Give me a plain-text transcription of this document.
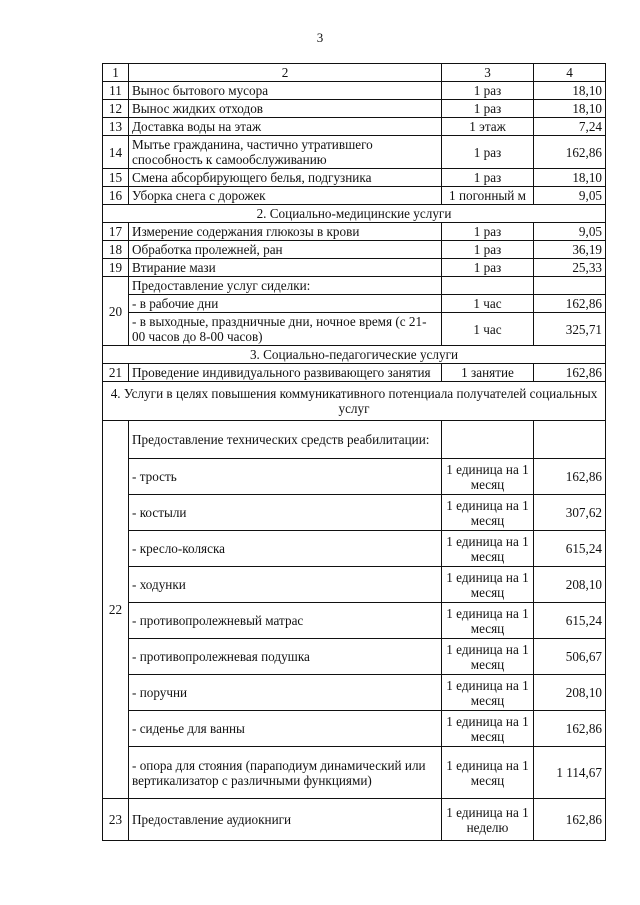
3
1	2	3	4
11	Вынос бытового мусора	1 раз	18,10
12	Вынос жидких отходов	1 раз	18,10
13	Доставка воды на этаж	1 этаж	7,24
14	Мытье гражданина, частично утратившего способность к самообслуживанию	1 раз	162,86
15	Смена абсорбирующего белья, подгузника	1 раз	18,10
16	Уборка снега с дорожек	1 погонный м	9,05
2. Социально-медицинские услуги			
17	Измерение содержания глюкозы в крови	1 раз	9,05
18	Обработка пролежней, ран	1 раз	36,19
19	Втирание мази	1 раз	25,33
20	Предоставление услуг сиделки:		
	- в рабочие дни	1 час	162,86
	- в выходные, праздничные дни, ночное время (с 21-00 часов до 8-00 часов)	1 час	325,71
3. Социально-педагогические услуги			
21	Проведение индивидуального развивающего занятия	1 занятие	162,86
4. Услуги в целях повышения коммуникативного потенциала получателей социальных услуг			
22	Предоставление технических средств реабилитации:		
	- трость	1 единица на 1 месяц	162,86
	- костыли	1 единица на 1 месяц	307,62
	- кресло-коляска	1 единица на 1 месяц	615,24
	- ходунки	1 единица на 1 месяц	208,10
	- противопролежневый матрас	1 единица на 1 месяц	615,24
	- противопролежневая подушка	1 единица на 1 месяц	506,67
	- поручни	1 единица на 1 месяц	208,10
	- сиденье для ванны	1 единица на 1 месяц	162,86
	- опора для стояния (параподиум динамический или вертикализатор с различными функциями)	1 единица на 1 месяц	1 114,67
23	Предоставление аудиокниги	1 единица на 1 неделю	162,86
